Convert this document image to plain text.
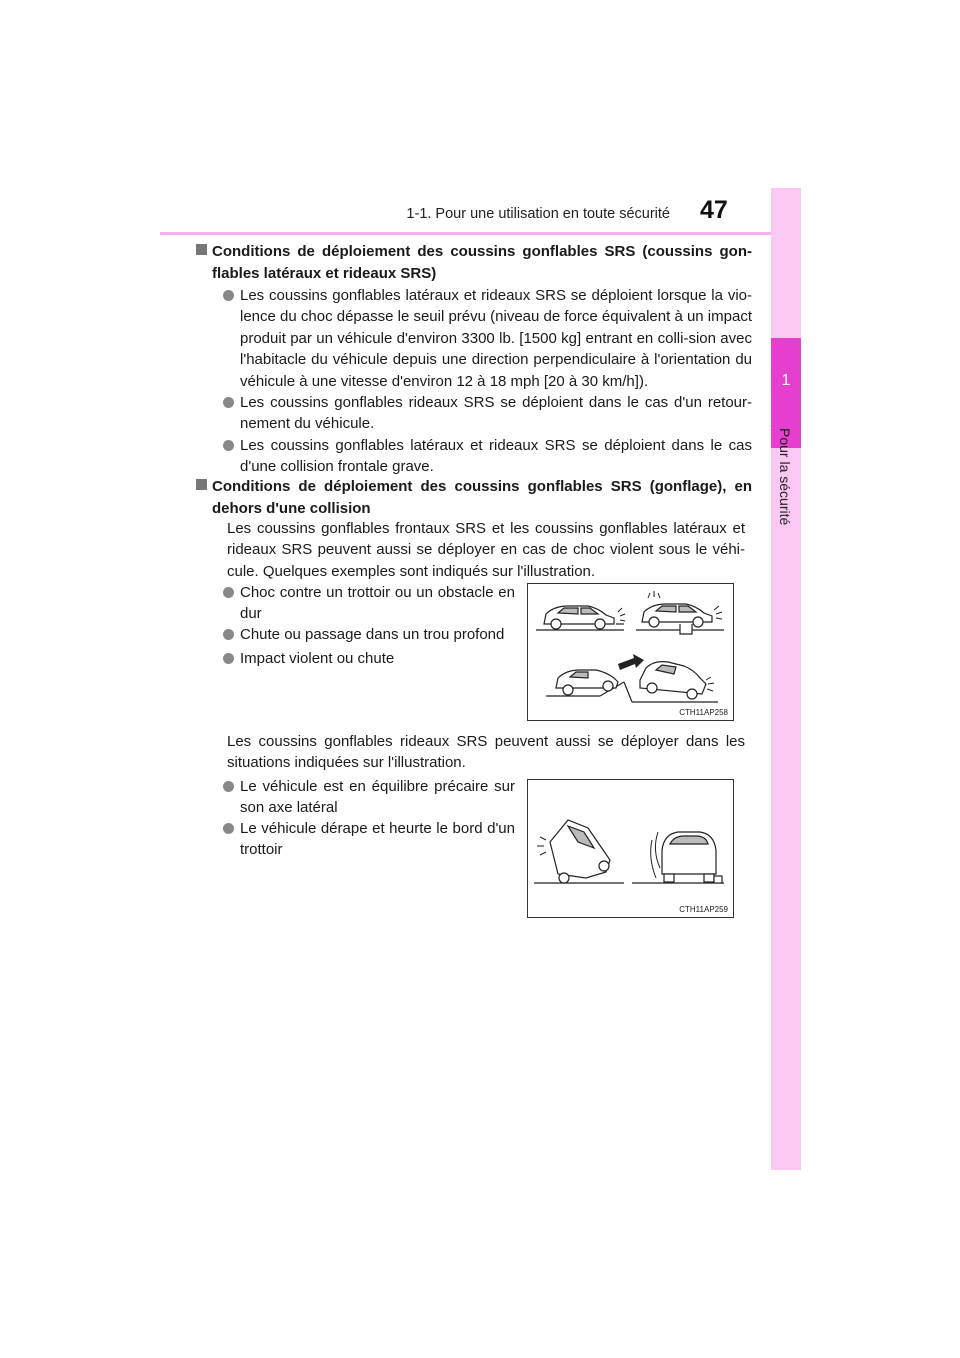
1-1. Pour une utilisation en toute sécurité 47
1
Pour la sécurité
Conditions de déploiement des coussins gonflables SRS (coussins gon-flables latéraux et rideaux SRS)
Les coussins gonflables latéraux et rideaux SRS se déploient lorsque la vio-lence du choc dépasse le seuil prévu (niveau de force équivalent à un impact produit par un véhicule d'environ 3300 lb. [1500 kg] entrant en colli-sion avec l'habitacle du véhicule depuis une direction perpendiculaire à l'orientation du véhicule à une vitesse d'environ 12 à 18 mph [20 à 30 km/h]).
Les coussins gonflables rideaux SRS se déploient dans le cas d'un retour-nement du véhicule.
Les coussins gonflables latéraux et rideaux SRS se déploient dans le cas d'une collision frontale grave.
Conditions de déploiement des coussins gonflables SRS (gonflage), en dehors d'une collision
Les coussins gonflables frontaux SRS et les coussins gonflables latéraux et rideaux SRS peuvent aussi se déployer en cas de choc violent sous le véhi-cule. Quelques exemples sont indiqués sur l'illustration.
Choc contre un trottoir ou un obstacle en dur
Chute ou passage dans un trou profond
Impact violent ou chute
CTH11AP258
Les coussins gonflables rideaux SRS peuvent aussi se déployer dans les situations indiquées sur l'illustration.
Le véhicule est en équilibre précaire sur son axe latéral
Le véhicule dérape et heurte le bord d'un trottoir
CTH11AP259
